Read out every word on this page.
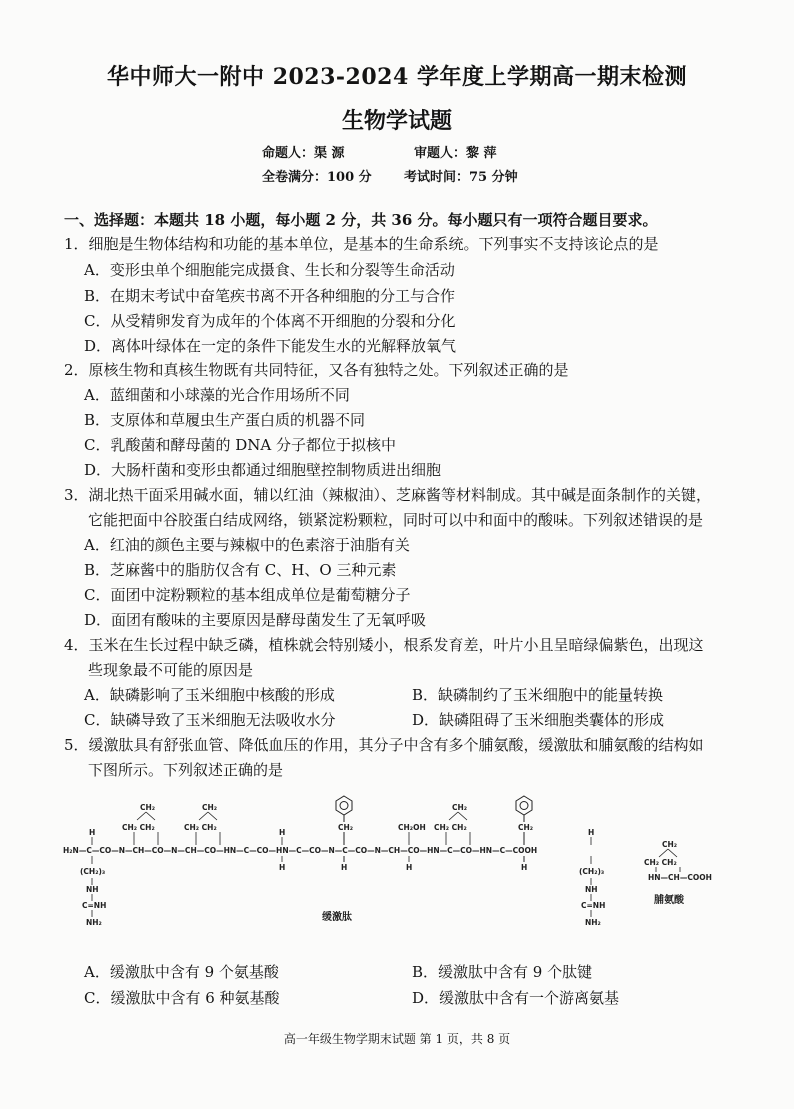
华中师大一附中 2023-2024 学年度上学期高一期末检测
生物学试题
命题人：渠 源	审题人：黎 萍
全卷满分：100 分 考试时间：75 分钟
一、选择题：本题共 18 小题，每小题 2 分，共 36 分。每小题只有一项符合题目要求。
1．细胞是生物体结构和功能的基本单位，是基本的生命系统。下列事实不支持该论点的是
A．变形虫单个细胞能完成摄食、生长和分裂等生命活动
B．在期末考试中奋笔疾书离不开各种细胞的分工与合作
C．从受精卵发育为成年的个体离不开细胞的分裂和分化
D．离体叶绿体在一定的条件下能发生水的光解释放氧气
2．原核生物和真核生物既有共同特征，又各有独特之处。下列叙述正确的是
A．蓝细菌和小球藻的光合作用场所不同
B．支原体和草履虫生产蛋白质的机器不同
C．乳酸菌和酵母菌的 DNA 分子都位于拟核中
D．大肠杆菌和变形虫都通过细胞壁控制物质进出细胞
3．湖北热干面采用碱水面，辅以红油（辣椒油）、芝麻酱等材料制成。其中碱是面条制作的关键，
它能把面中谷胶蛋白结成网络，锁紧淀粉颗粒，同时可以中和面中的酸味。下列叙述错误的是
A．红油的颜色主要与辣椒中的色素溶于油脂有关
B．芝麻酱中的脂肪仅含有 C、H、O 三种元素
C．面团中淀粉颗粒的基本组成单位是葡萄糖分子
D．面团有酸味的主要原因是酵母菌发生了无氧呼吸
4．玉米在生长过程中缺乏磷，植株就会特别矮小，根系发育差，叶片小且呈暗绿偏紫色，出现这
些现象最不可能的原因是
A．缺磷影响了玉米细胞中核酸的形成	B．缺磷制约了玉米细胞中的能量转换
C．缺磷导致了玉米细胞无法吸收水分	D．缺磷阻碍了玉米细胞类囊体的形成
5．缓激肽具有舒张血管、降低血压的作用，其分子中含有多个脯氨酸，缓激肽和脯氨酸的结构如
下图所示。下列叙述正确的是
H₂N—C—CO—N—CH—CO—N—CH—CO—HN—C—CO—HN—C—CO—N—C—CO—N—CH—CO—HN—C—CO—HN—C—COOH
H
(CH₂)₃
NH
C=NH
NH₂
CH₂
CH₂ CH₂
CH₂
CH₂ CH₂
H
H
CH₂
H
CH₂OH
H
CH₂
CH₂ CH₂	CH₂
H
H
(CH₂)₃
NH
C=NH
NH₂
CH₂
CH₂ CH₂
HN—CH—COOH
缓激肽
脯氨酸
A．缓激肽中含有 9 个氨基酸	B．缓激肽中含有 9 个肽键
C．缓激肽中含有 6 种氨基酸	D．缓激肽中含有一个游离氨基
高一年级生物学期末试题 第 1 页，共 8 页
